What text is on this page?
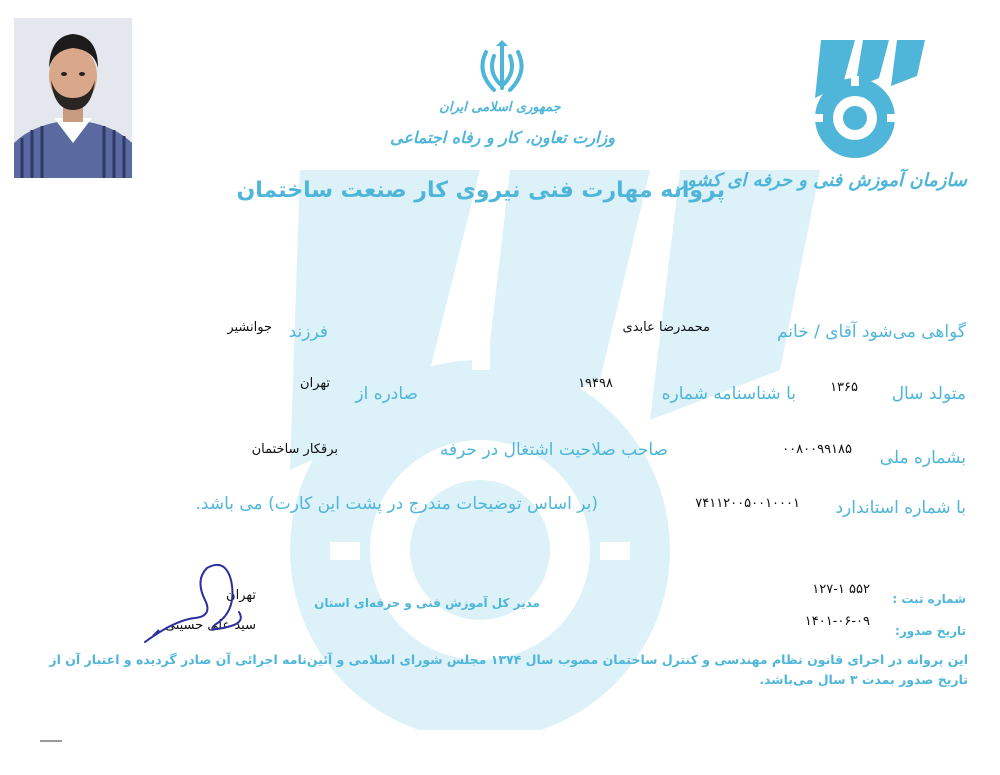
جمهوری اسلامی ایران
وزارت تعاون، کار و رفاه اجتماعی
سازمان آموزش فنی و حرفه ای کشور
پروانه مهارت فنی نیروی کار صنعت ساختمان
گواهی می‌شود آقای / خانم
محمدرضا عابدی
فرزند
جوانشیر
متولد سال
۱۳۶۵
با شناسنامه شماره
۱۹۴۹۸
صادره از
تهران
بشماره ملی
۰۰۸۰۰۹۹۱۸۵
صاحب صلاحیت اشتغال در حرفه
برقکار ساختمان
با شماره استاندارد
۷۴۱۱۲۰۰۵۰۰۱۰۰۰۱
(بر اساس توضیحات مندرج در پشت این کارت) می باشد.
شماره ثبت :
۵۵۲ ۱۲۷-۱
تاریخ صدور:
۱۴۰۱-۰۶-۰۹
مدیر کل آموزش فنی و حرفه‌ای استان
تهران
سید علی حسینی
این پروانه در اجرای قانون نظام مهندسی و کنترل ساختمان مصوب سال ۱۳۷۴ مجلس شورای اسلامی و آئین‌نامه اجرائی آن صادر گردیده و اعتبار آن از
تاریخ صدور بمدت ۳ سال می‌باشد.
